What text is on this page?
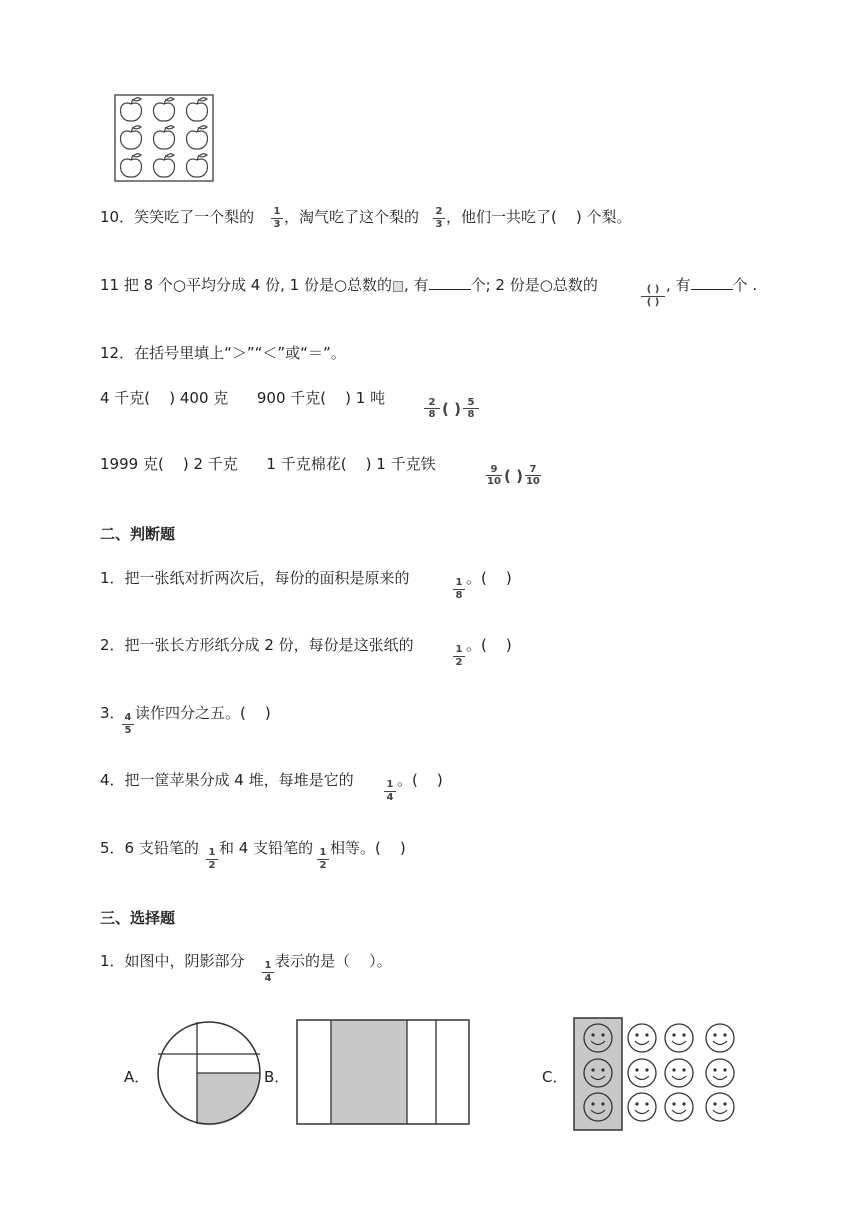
10．笑笑吃了一个梨的	1
3 ，淘气吃了这个梨的	2
3 ，他们一共吃了(    ) 个梨。
11 把 8 个○平均分成 4 份, 1 份是○总数的 , 有	个; 2 份是○总数的	( )
( )
, 有	个 .
12．在括号里填上“＞”“＜”或“＝”。
4 千克(    ) 400 克      900 千克(    ) 1 吨	$\frac{2}{8}$ ( ) $\frac{5}{8}$
1999 克(    ) 2 千克      1 千克棉花(    ) 1 千克铁	$\frac{9}{10}$ ( ) $\frac{7}{10}$
二、判断题
1．把一张纸对折两次后，每份的面积是原来的	1
8
。(    )
2．把一张长方形纸分成 2 份，每份是这张纸的	1
2
。(    )
3． 4
5
读作四分之五。(    )
4．把一筐苹果分成 4 堆，每堆是它的	1
4
。(    )
5．6 支铅笔的 1
2
和 4 支铅笔的 1
2
相等。(    )
三、选择题
1．如图中，阴影部分	1
4
表示的是（    ）。
A．	B．	C．
